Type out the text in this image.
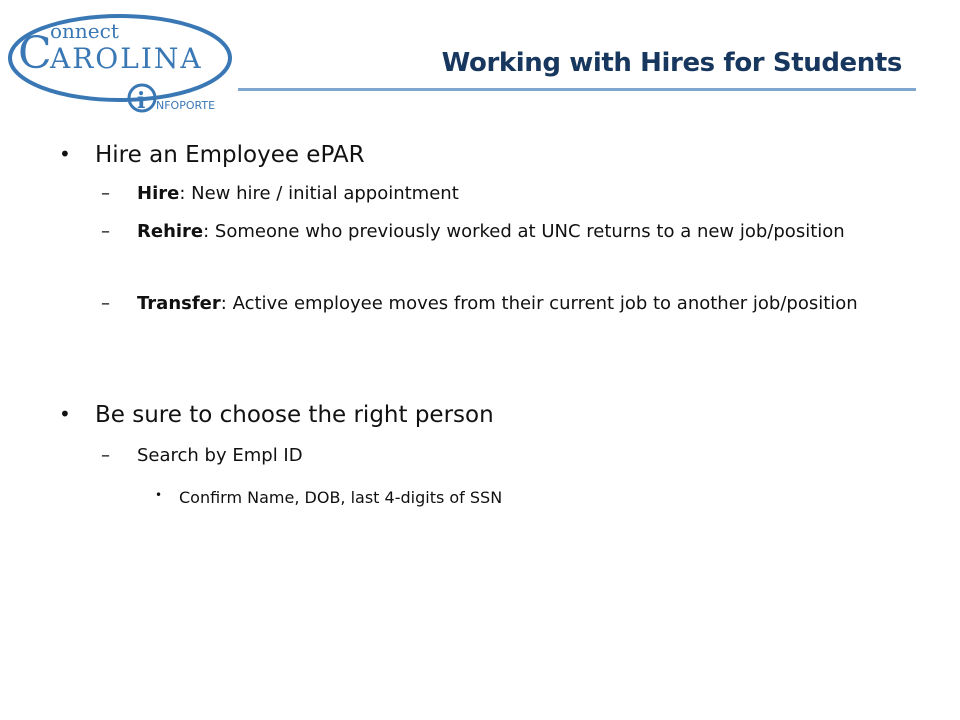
C
onnect
AROLINA
i NFOPORTE
Working with Hires for Students
• Hire an Employee ePAR
– Hire: New hire / initial appointment
– Rehire: Someone who previously worked at UNC returns to a new job/position
– Transfer: Active employee moves from their current job to another job/position
• Be sure to choose the right person
– Search by Empl ID
• Confirm Name, DOB, last 4-digits of SSN
